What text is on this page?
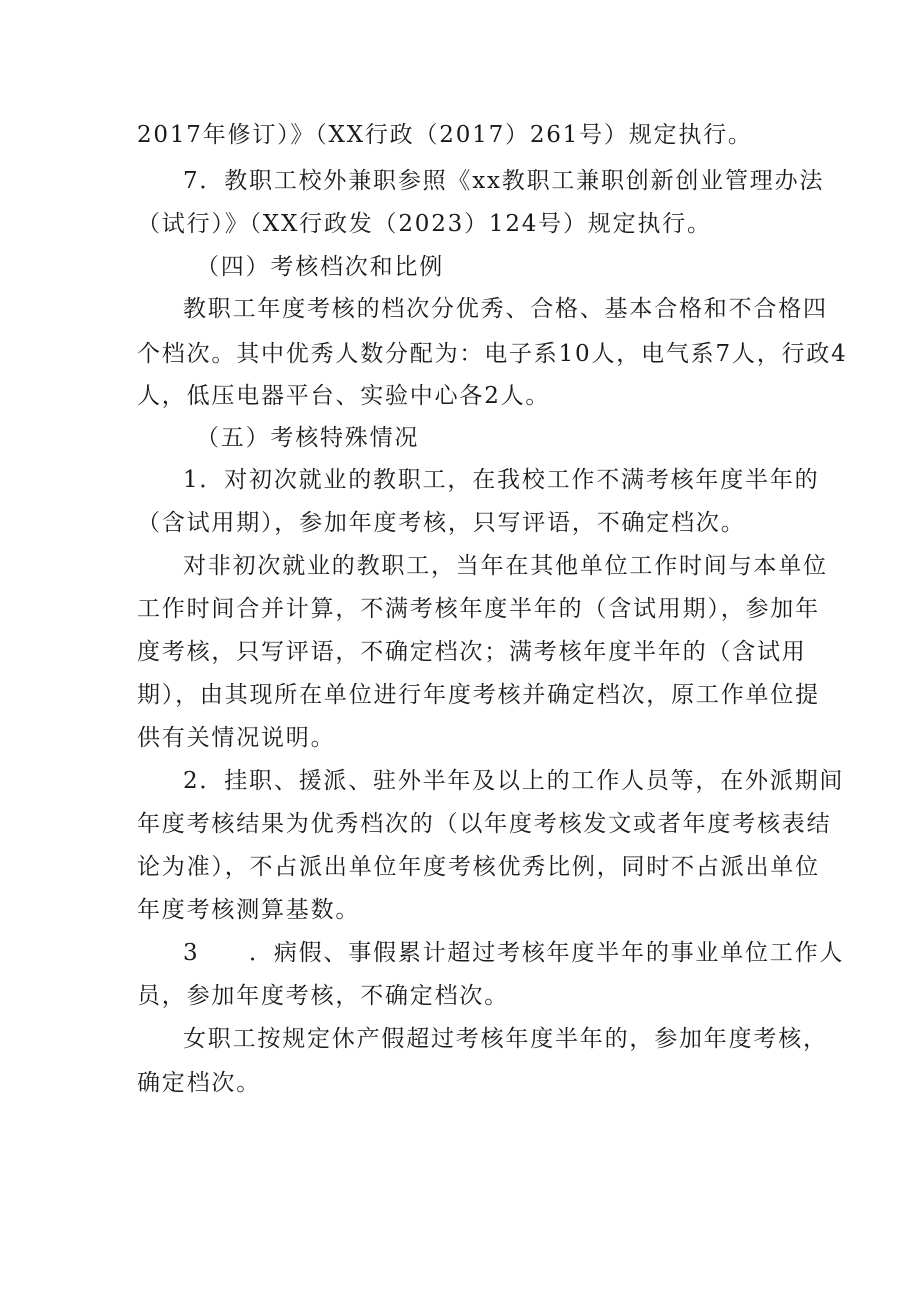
2017年修订）》（XX行政（2017）261号）规定执行。
7．教职工校外兼职参照《xx教职工兼职创新创业管理办法
（试行）》（XX行政发（2023）124号）规定执行。
（四）考核档次和比例
教职工年度考核的档次分优秀、合格、基本合格和不合格四
个档次。其中优秀人数分配为：电子系10人，电气系7人，行政4
人，低压电器平台、实验中心各2人。
（五）考核特殊情况
1．对初次就业的教职工，在我校工作不满考核年度半年的
（含试用期），参加年度考核，只写评语，不确定档次。
对非初次就业的教职工，当年在其他单位工作时间与本单位
工作时间合并计算，不满考核年度半年的（含试用期），参加年
度考核，只写评语，不确定档次；满考核年度半年的（含试用
期），由其现所在单位进行年度考核并确定档次，原工作单位提
供有关情况说明。
2．挂职、援派、驻外半年及以上的工作人员等，在外派期间
年度考核结果为优秀档次的（以年度考核发文或者年度考核表结
论为准），不占派出单位年度考核优秀比例，同时不占派出单位
年度考核测算基数。
3　　．病假、事假累计超过考核年度半年的事业单位工作人
员，参加年度考核，不确定档次。
女职工按规定休产假超过考核年度半年的，参加年度考核，
确定档次。
